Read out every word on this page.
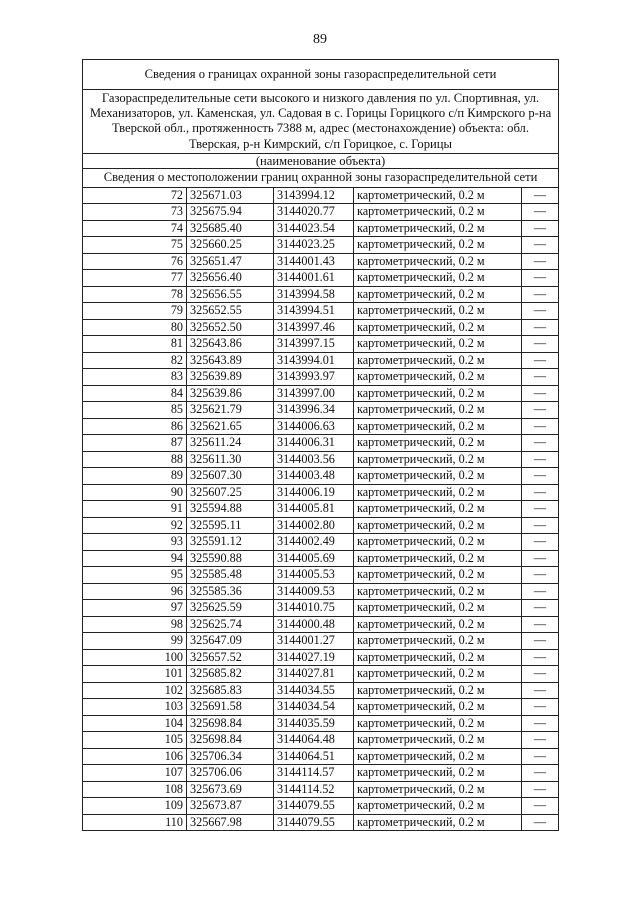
89
Сведения о границах охранной зоны газораспределительной сети				
Газораспределительные сети высокого и низкого давления по ул. Спортивная, ул. Механизаторов, ул. Каменская, ул. Садовая в с. Горицы Горицкого с/п Кимрского р-на Тверской обл., протяженность 7388 м, адрес (местонахождение) объекта: обл. Тверская, р-н Кимрский, с/п Горицкое, с. Горицы				
(наименование объекта)				
Сведения о местоположении границ охранной зоны газораспределительной сети				
72	325671.03	3143994.12	картометрический, 0.2 м	—
73	325675.94	3144020.77	картометрический, 0.2 м	—
74	325685.40	3144023.54	картометрический, 0.2 м	—
75	325660.25	3144023.25	картометрический, 0.2 м	—
76	325651.47	3144001.43	картометрический, 0.2 м	—
77	325656.40	3144001.61	картометрический, 0.2 м	—
78	325656.55	3143994.58	картометрический, 0.2 м	—
79	325652.55	3143994.51	картометрический, 0.2 м	—
80	325652.50	3143997.46	картометрический, 0.2 м	—
81	325643.86	3143997.15	картометрический, 0.2 м	—
82	325643.89	3143994.01	картометрический, 0.2 м	—
83	325639.89	3143993.97	картометрический, 0.2 м	—
84	325639.86	3143997.00	картометрический, 0.2 м	—
85	325621.79	3143996.34	картометрический, 0.2 м	—
86	325621.65	3144006.63	картометрический, 0.2 м	—
87	325611.24	3144006.31	картометрический, 0.2 м	—
88	325611.30	3144003.56	картометрический, 0.2 м	—
89	325607.30	3144003.48	картометрический, 0.2 м	—
90	325607.25	3144006.19	картометрический, 0.2 м	—
91	325594.88	3144005.81	картометрический, 0.2 м	—
92	325595.11	3144002.80	картометрический, 0.2 м	—
93	325591.12	3144002.49	картометрический, 0.2 м	—
94	325590.88	3144005.69	картометрический, 0.2 м	—
95	325585.48	3144005.53	картометрический, 0.2 м	—
96	325585.36	3144009.53	картометрический, 0.2 м	—
97	325625.59	3144010.75	картометрический, 0.2 м	—
98	325625.74	3144000.48	картометрический, 0.2 м	—
99	325647.09	3144001.27	картометрический, 0.2 м	—
100	325657.52	3144027.19	картометрический, 0.2 м	—
101	325685.82	3144027.81	картометрический, 0.2 м	—
102	325685.83	3144034.55	картометрический, 0.2 м	—
103	325691.58	3144034.54	картометрический, 0.2 м	—
104	325698.84	3144035.59	картометрический, 0.2 м	—
105	325698.84	3144064.48	картометрический, 0.2 м	—
106	325706.34	3144064.51	картометрический, 0.2 м	—
107	325706.06	3144114.57	картометрический, 0.2 м	—
108	325673.69	3144114.52	картометрический, 0.2 м	—
109	325673.87	3144079.55	картометрический, 0.2 м	—
110	325667.98	3144079.55	картометрический, 0.2 м	—
